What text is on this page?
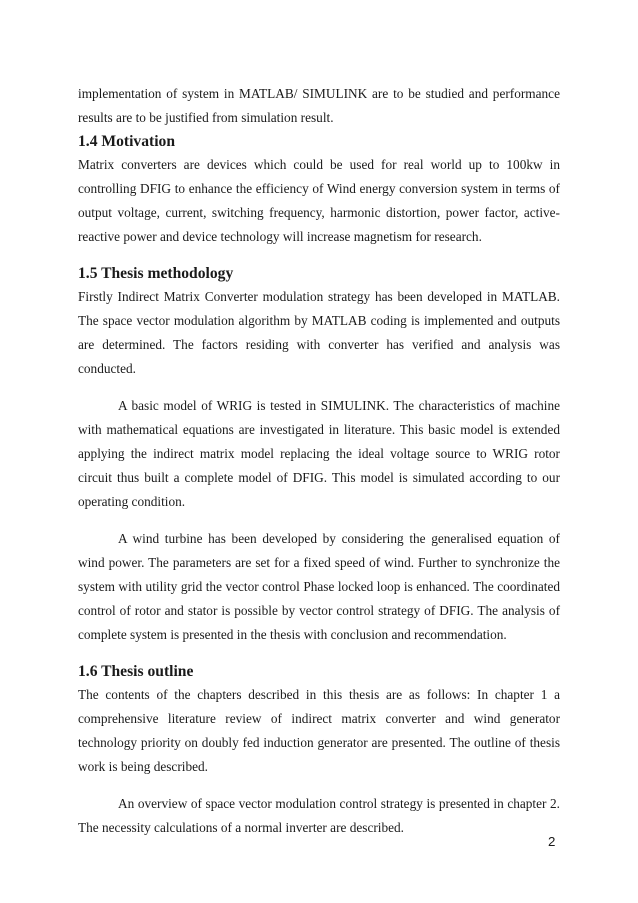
implementation of system in MATLAB/ SIMULINK are to be studied and performance results are to be justified from simulation result.

1.4 Motivation

Matrix converters are devices which could be used for real world up to 100kw in controlling DFIG to enhance the efficiency of Wind energy conversion system in terms of output voltage, current, switching frequency, harmonic distortion, power factor, active-reactive power and device technology will increase magnetism for research.

1.5 Thesis methodology

Firstly Indirect Matrix Converter modulation strategy has been developed in MATLAB. The space vector modulation algorithm by MATLAB coding is implemented and outputs are determined. The factors residing with converter has verified and analysis was conducted.

A basic model of WRIG is tested in SIMULINK. The characteristics of machine with mathematical equations are investigated in literature. This basic model is extended applying the indirect matrix model replacing the ideal voltage source to WRIG rotor circuit thus built a complete model of DFIG. This model is simulated according to our operating condition.

A wind turbine has been developed by considering the generalised equation of wind power. The parameters are set for a fixed speed of wind. Further to synchronize the system with utility grid the vector control Phase locked loop is enhanced. The coordinated control of rotor and stator is possible by vector control strategy of DFIG. The analysis of complete system is presented in the thesis with conclusion and recommendation.

1.6 Thesis outline

The contents of the chapters described in this thesis are as follows: In chapter 1 a comprehensive literature review of indirect matrix converter and wind generator technology priority on doubly fed induction generator are presented. The outline of thesis work is being described.

An overview of space vector modulation control strategy is presented in chapter 2. The necessity calculations of a normal inverter are described.

2
